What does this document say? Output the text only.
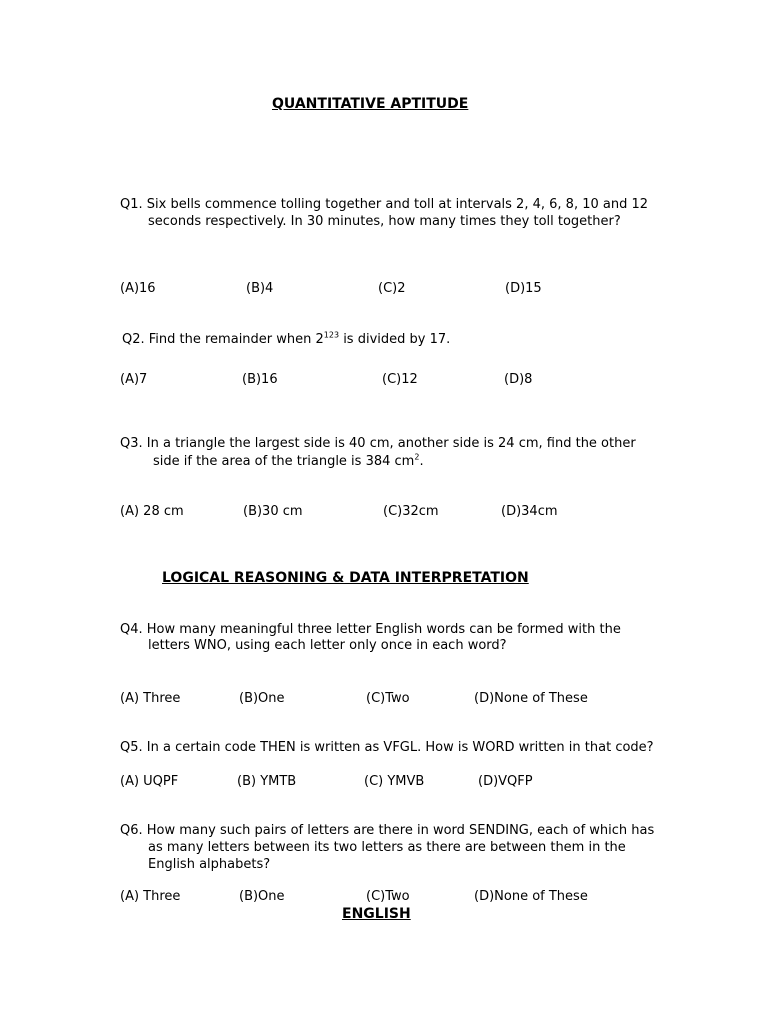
QUANTITATIVE APTITUDE
Q1. Six bells commence tolling together and toll at intervals 2, 4, 6, 8, 10 and 12
seconds respectively. In 30 minutes, how many times they toll together?
(A)16	(B)4	(C)2	(D)15
Q2. Find the remainder when $2^{123}$ is divided by 17.
(A)7	(B)16	(C)12	(D)8
Q3. In a triangle the largest side is 40 cm, another side is 24 cm, find the other
side if the area of the triangle is 384 $cm^2$.
(A) 28 cm	(B)30 cm	(C)32cm	(D)34cm
LOGICAL REASONING & DATA INTERPRETATION
Q4. How many meaningful three letter English words can be formed with the
letters WNO, using each letter only once in each word?
(A) Three	(B)One	(C)Two	(D)None of These
Q5. In a certain code THEN is written as VFGL. How is WORD written in that code?
(A) UQPF	(B) YMTB	(C) YMVB	(D)VQFP
Q6. How many such pairs of letters are there in word SENDING, each of which has
as many letters between its two letters as there are between them in the
English alphabets?
(A) Three	(B)One	(C)Two	(D)None of These
ENGLISH
